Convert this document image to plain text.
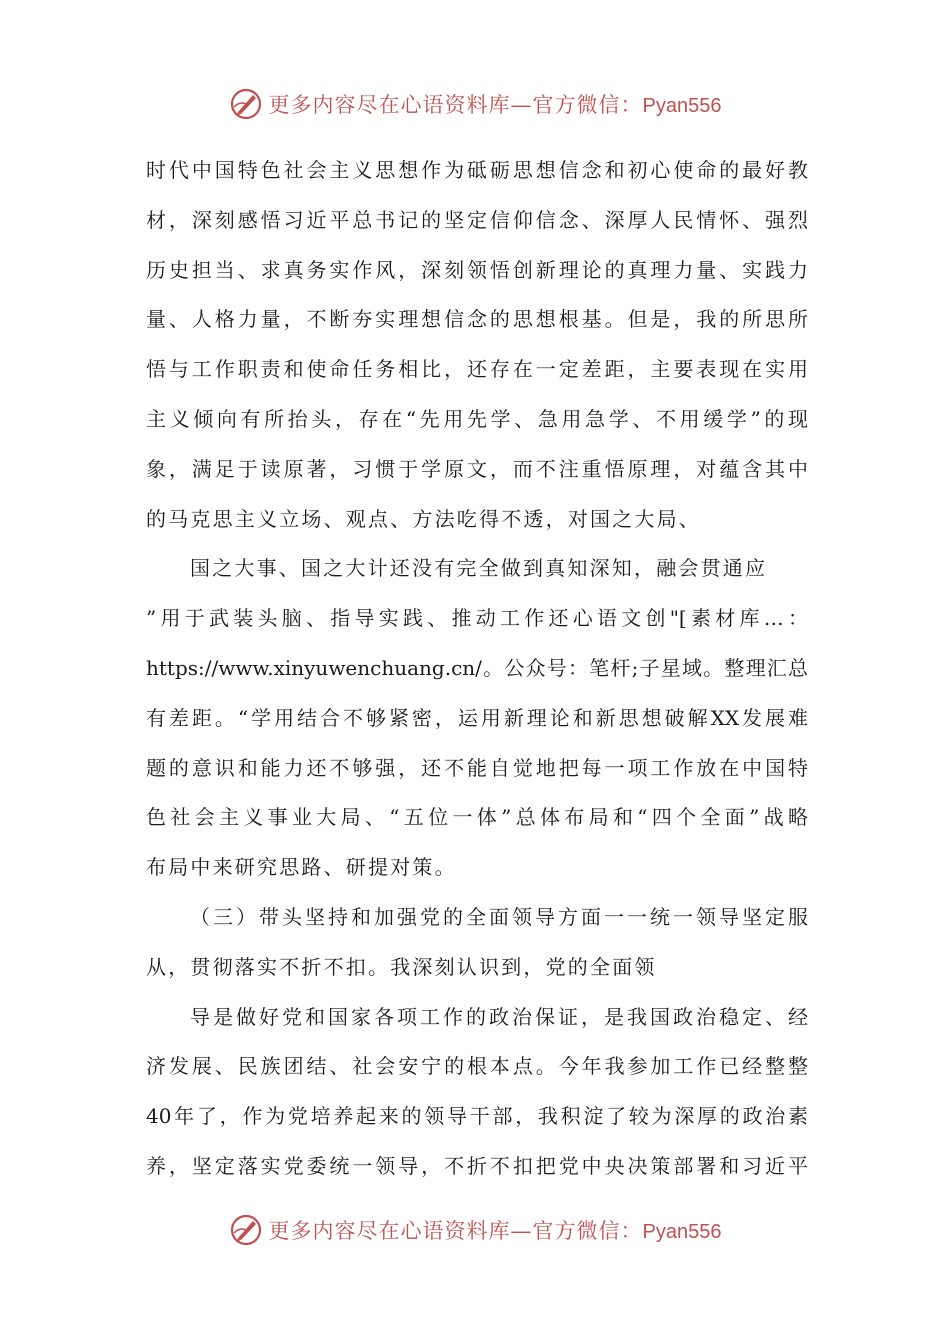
更多内容尽在心语资料库—官方微信：Pyan556
时代中国特色社会主义思想作为砥砺思想信念和初心使命的最好教
材，深刻感悟习近平总书记的坚定信仰信念、深厚人民情怀、强烈
历史担当、求真务实作风，深刻领悟创新理论的真理力量、实践力
量、人格力量，不断夯实理想信念的思想根基。但是，我的所思所
悟与工作职责和使命任务相比，还存在一定差距，主要表现在实用
主义倾向有所抬头，存在“先用先学、急用急学、不用缓学”的现
象，满足于读原著，习惯于学原文，而不注重悟原理，对蕴含其中
的马克思主义立场、观点、方法吃得不透，对国之大局、
国之大事、国之大计还没有完全做到真知深知，融会贯通应
”用于武装头脑、指导实践、推动工作还心语文创"[素材库…：
https://www.xinyuwenchuang.cn/。公众号：笔杆;子星域。整理汇总
有差距。“学用结合不够紧密，运用新理论和新思想破解XX发展难
题的意识和能力还不够强，还不能自觉地把每一项工作放在中国特
色社会主义事业大局、“五位一体”总体布局和“四个全面”战略
布局中来研究思路、研提对策。
（三）带头坚持和加强党的全面领导方面一一统一领导坚定服
从，贯彻落实不折不扣。我深刻认识到，党的全面领
导是做好党和国家各项工作的政治保证，是我国政治稳定、经
济发展、民族团结、社会安宁的根本点。今年我参加工作已经整整
40年了，作为党培养起来的领导干部，我积淀了较为深厚的政治素
养，坚定落实党委统一领导，不折不扣把党中央决策部署和习近平
更多内容尽在心语资料库—官方微信：Pyan556
